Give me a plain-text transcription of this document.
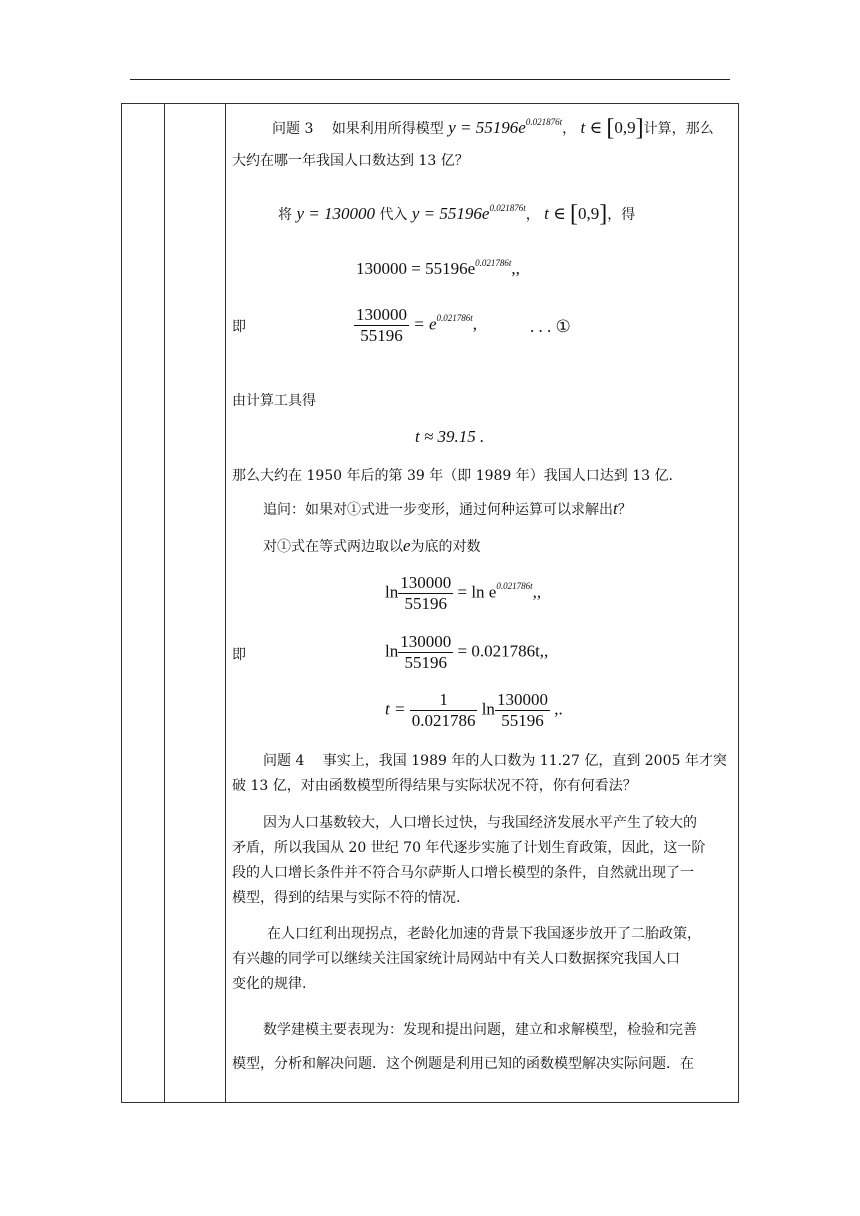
问题 3　 如果利用所得模型 $y = 55196e^{0.021876t}$， t ∈ [0,9]计算，那么
大约在哪一年我国人口数达到 13 亿？
将 y = 130000 代入 $y = 55196e^{0.021876t}$， t ∈ [0,9]，得
$130000 = 55196e^{0.021786t}$,,
即	$\frac{130000}{55196} = e^{0.021786t}$,	. . . ①
由计算工具得
t ≈ 39.15 .
那么大约在 1950 年后的第 39 年（即 1989 年）我国人口达到 13 亿.
追问：如果对①式进一步变形，通过何种运算可以求解出t？
对①式在等式两边取以e为底的对数
$\ln \frac{130000}{55196} = \ln e^{0.021786t}$,,
即	$\ln \frac{130000}{55196} = 0.021786t$,,
$t = \frac{1}{0.021786}$ $\ln \frac{130000}{55196}$ ,.
问题 4　 事实上，我国 1989 年的人口数为 11.27 亿，直到 2005 年才突
破 13 亿，对由函数模型所得结果与实际状况不符，你有何看法？
因为人口基数较大，人口增长过快，与我国经济发展水平产生了较大的
矛盾，所以我国从 20 世纪 70 年代逐步实施了计划生育政策，因此，这一阶
段的人口增长条件并不符合马尔萨斯人口增长模型的条件，自然就出现了一
模型，得到的结果与实际不符的情况.
在人口红利出现拐点，老龄化加速的背景下我国逐步放开了二胎政策，
有兴趣的同学可以继续关注国家统计局网站中有关人口数据探究我国人口
变化的规律.
数学建模主要表现为：发现和提出问题，建立和求解模型，检验和完善
模型，分析和解决问题．这个例题是利用已知的函数模型解决实际问题．在
